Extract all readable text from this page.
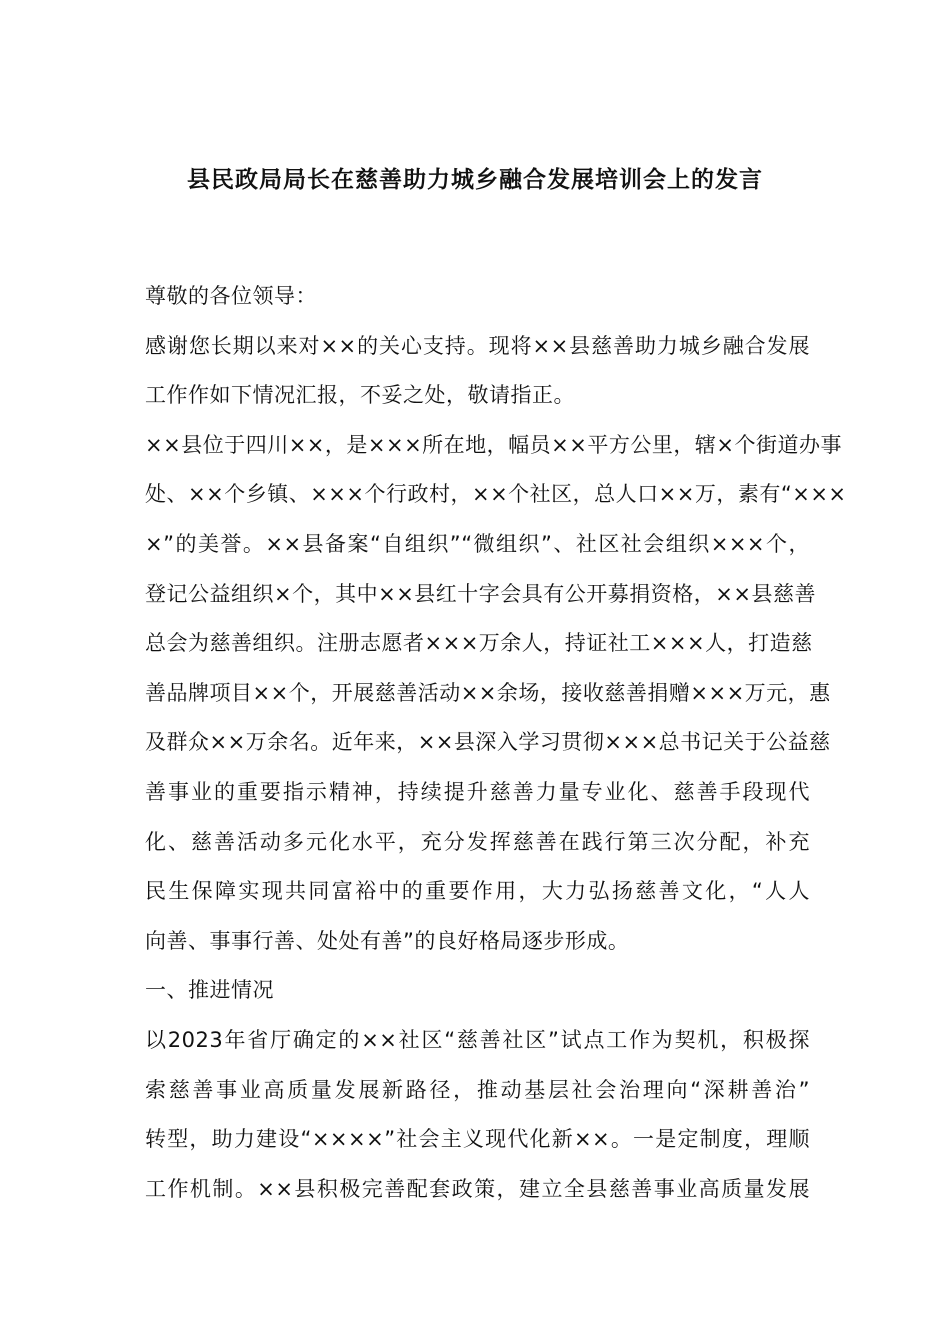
县民政局局长在慈善助力城乡融合发展培训会上的发言
尊敬的各位领导：
感谢您长期以来对××的关心支持。现将××县慈善助力城乡融合发展
工作作如下情况汇报，不妥之处，敬请指正。
××县位于四川××，是×××所在地，幅员××平方公里，辖×个街道办事
处、××个乡镇、×××个行政村，××个社区，总人口××万，素有“×××
×”的美誉。××县备案“自组织”“微组织”、社区社会组织×××个，
登记公益组织×个，其中××县红十字会具有公开募捐资格，××县慈善
总会为慈善组织。注册志愿者×××万余人，持证社工×××人，打造慈
善品牌项目××个，开展慈善活动××余场，接收慈善捐赠×××万元，惠
及群众××万余名。近年来，××县深入学习贯彻×××总书记关于公益慈
善事业的重要指示精神，持续提升慈善力量专业化、慈善手段现代
化、慈善活动多元化水平，充分发挥慈善在践行第三次分配，补充
民生保障实现共同富裕中的重要作用，大力弘扬慈善文化，“人人
向善、事事行善、处处有善”的良好格局逐步形成。
一、推进情况
以2023年省厅确定的××社区“慈善社区”试点工作为契机，积极探
索慈善事业高质量发展新路径，推动基层社会治理向“深耕善治”
转型，助力建设“××××”社会主义现代化新××。一是定制度，理顺
工作机制。××县积极完善配套政策，建立全县慈善事业高质量发展
